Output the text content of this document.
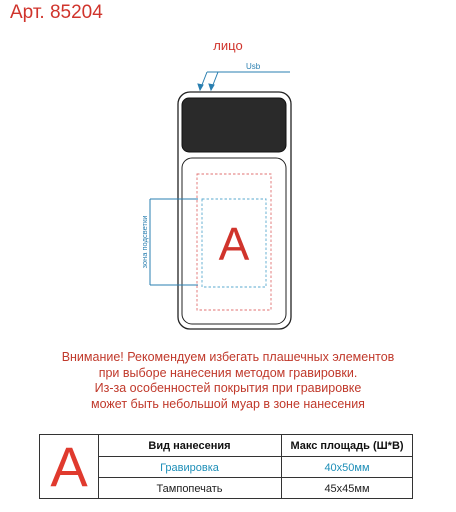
Арт. 85204
лицо
Usb
A
зона подсветки
Внимание! Рекомендуем избегать плашечных элементов
при выборе нанесения методом гравировки.
Из-за особенностей покрытия при гравировке
может быть небольшой муар в зоне нанесения
A	Вид нанесения	Макс площадь (Ш*В)
Гравировка	40х50мм
Тампопечать	45х45мм
